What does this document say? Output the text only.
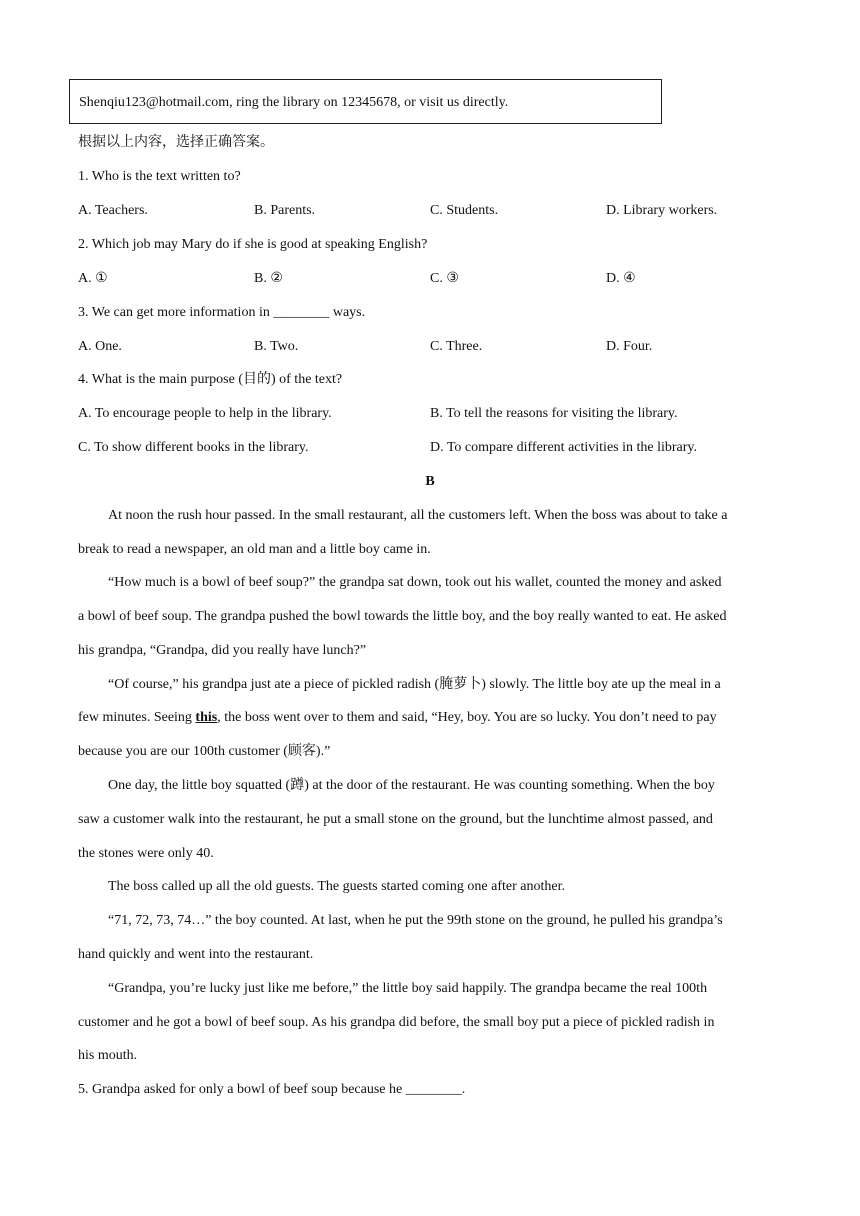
Shenqiu123@hotmail.com, ring the library on 12345678, or visit us directly.
根据以上内容，选择正确答案。
1. Who is the text written to?
A. Teachers.	B. Parents.	C. Students.	D. Library workers.
2. Which job may Mary do if she is good at speaking English?
A. ①	B. ②	C. ③	D. ④
3. We can get more information in ________ ways.
A. One.	B. Two.	C. Three.	D. Four.
4. What is the main purpose (目的) of the text?
A. To encourage people to help in the library.	B. To tell the reasons for visiting the library.
C. To show different books in the library.	D. To compare different activities in the library.
B
At noon the rush hour passed. In the small restaurant, all the customers left. When the boss was about to take a
break to read a newspaper, an old man and a little boy came in.
“How much is a bowl of beef soup?” the grandpa sat down, took out his wallet, counted the money and asked
a bowl of beef soup. The grandpa pushed the bowl towards the little boy, and the boy really wanted to eat. He asked
his grandpa, “Grandpa, did you really have lunch?”
“Of course,” his grandpa just ate a piece of pickled radish (腌萝卜) slowly. The little boy ate up the meal in a
few minutes. Seeing this, the boss went over to them and said, “Hey, boy. You are so lucky. You don’t need to pay
because you are our 100th customer (顾客).”
One day, the little boy squatted (蹲) at the door of the restaurant. He was counting something. When the boy
saw a customer walk into the restaurant, he put a small stone on the ground, but the lunchtime almost passed, and
the stones were only 40.
The boss called up all the old guests. The guests started coming one after another.
“71, 72, 73, 74…” the boy counted. At last, when he put the 99th stone on the ground, he pulled his grandpa’s
hand quickly and went into the restaurant.
“Grandpa, you’re lucky just like me before,” the little boy said happily. The grandpa became the real 100th
customer and he got a bowl of beef soup. As his grandpa did before, the small boy put a piece of pickled radish in
his mouth.
5. Grandpa asked for only a bowl of beef soup because he ________.
